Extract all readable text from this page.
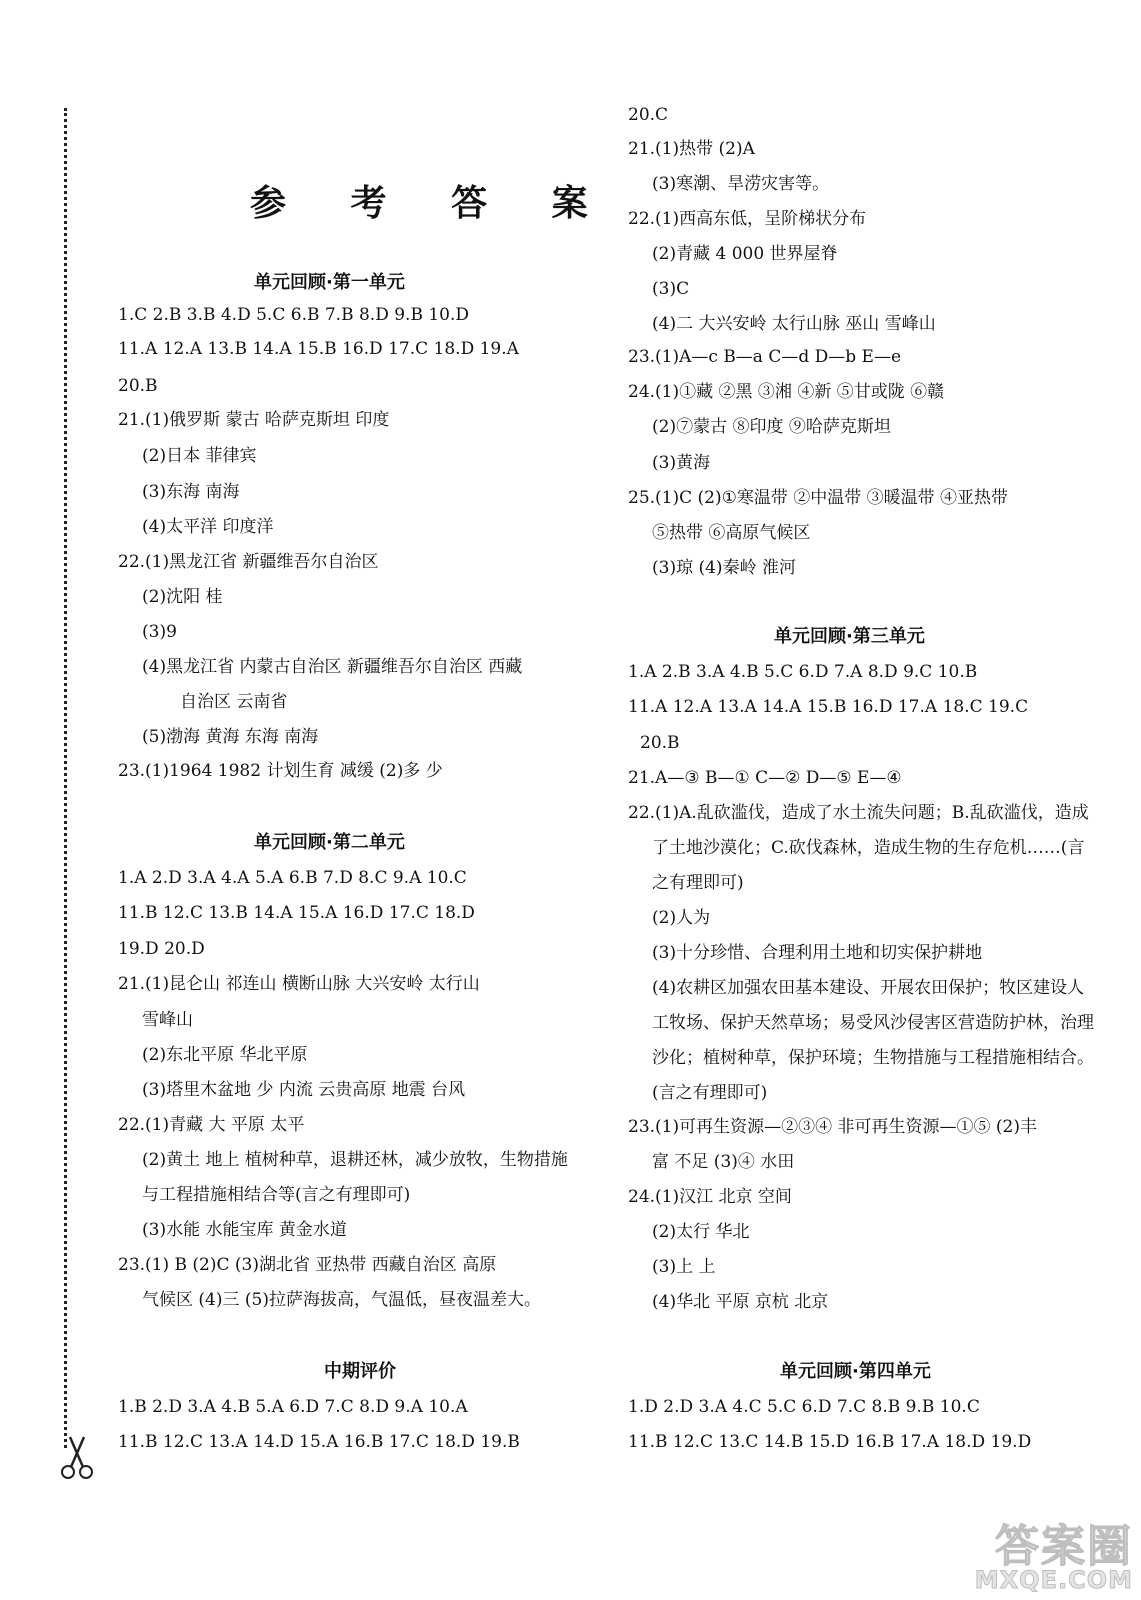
参 考 答 案
单元回顾·第一单元
1.C 2.B 3.B 4.D 5.C 6.B 7.B 8.D 9.B 10.D
11.A 12.A 13.B 14.A 15.B 16.D 17.C 18.D 19.A
20.B
21.(1)俄罗斯 蒙古 哈萨克斯坦 印度
(2)日本 菲律宾
(3)东海 南海
(4)太平洋 印度洋
22.(1)黑龙江省 新疆维吾尔自治区
(2)沈阳 桂
(3)9
(4)黑龙江省 内蒙古自治区 新疆维吾尔自治区 西藏
自治区 云南省
(5)渤海 黄海 东海 南海
23.(1)1964 1982 计划生育 减缓 (2)多 少
单元回顾·第二单元
1.A 2.D 3.A 4.A 5.A 6.B 7.D 8.C 9.A 10.C
11.B 12.C 13.B 14.A 15.A 16.D 17.C 18.D
19.D 20.D
21.(1)昆仑山 祁连山 横断山脉 大兴安岭 太行山
雪峰山
(2)东北平原 华北平原
(3)塔里木盆地 少 内流 云贵高原 地震 台风
22.(1)青藏 大 平原 太平
(2)黄土 地上 植树种草，退耕还林，减少放牧，生物措施
与工程措施相结合等(言之有理即可)
(3)水能 水能宝库 黄金水道
23.(1) B (2)C (3)湖北省 亚热带 西藏自治区 高原
气候区 (4)三 (5)拉萨海拔高，气温低，昼夜温差大。
中期评价
1.B 2.D 3.A 4.B 5.A 6.D 7.C 8.D 9.A 10.A
11.B 12.C 13.A 14.D 15.A 16.B 17.C 18.D 19.B
20.C
21.(1)热带 (2)A
(3)寒潮、旱涝灾害等。
22.(1)西高东低，呈阶梯状分布
(2)青藏 4 000 世界屋脊
(3)C
(4)二 大兴安岭 太行山脉 巫山 雪峰山
23.(1)A—c B—a C—d D—b E—e
24.(1)①藏 ②黑 ③湘 ④新 ⑤甘或陇 ⑥赣
(2)⑦蒙古 ⑧印度 ⑨哈萨克斯坦
(3)黄海
25.(1)C (2)①寒温带 ②中温带 ③暖温带 ④亚热带
⑤热带 ⑥高原气候区
(3)琼 (4)秦岭 淮河
单元回顾·第三单元
1.A 2.B 3.A 4.B 5.C 6.D 7.A 8.D 9.C 10.B
11.A 12.A 13.A 14.A 15.B 16.D 17.A 18.C 19.C
20.B
21.A—③ B—① C—② D—⑤ E—④
22.(1)A.乱砍滥伐，造成了水土流失问题；B.乱砍滥伐，造成
了土地沙漠化；C.砍伐森林，造成生物的生存危机……(言
之有理即可)
(2)人为
(3)十分珍惜、合理利用土地和切实保护耕地
(4)农耕区加强农田基本建设、开展农田保护；牧区建设人
工牧场、保护天然草场；易受风沙侵害区营造防护林，治理
沙化；植树种草，保护环境；生物措施与工程措施相结合。
(言之有理即可)
23.(1)可再生资源—②③④ 非可再生资源—①⑤ (2)丰
富 不足 (3)④ 水田
24.(1)汉江 北京 空间
(2)太行 华北
(3)上 上
(4)华北 平原 京杭 北京
单元回顾·第四单元
1.D 2.D 3.A 4.C 5.C 6.D 7.C 8.B 9.B 10.C
11.B 12.C 13.C 14.B 15.D 16.B 17.A 18.D 19.D
答案圈
MXQE.COM
